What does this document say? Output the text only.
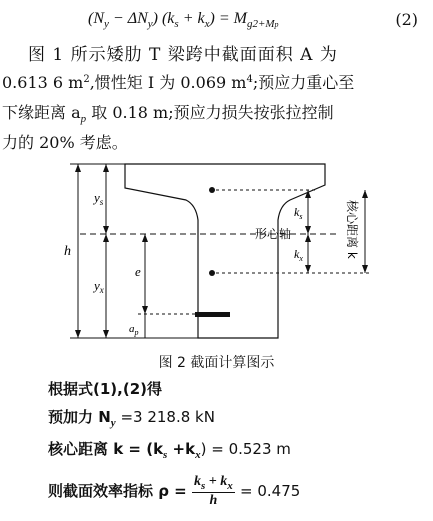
$(N_y - \Delta N_y) (k_s + k_x) = M_{g2+Mp}$	(2)
图 1 所示矮肋 T 梁跨中截面面积 A 为
0.613 6 $m^2$,惯性矩 I 为 0.069 $m^4$;预应力重心至
下缘距离 $a_p$ 取 0.18 m;预应力损失按张拉控制
力的 20% 考虑。
h
$y_s$
$y_x$
e
$a_p$
$k_s$
$k_x$
形心轴	核心距离 k
图 2 截面计算图示
根据式(1),(2)得
预加力 $N_y =3$ 218.8 kN
核心距离 $k = (k_s +k_x) = 0.523$ m
则截面效率指标 $\rho = \frac{k_s + k_x}{h} = 0.475$
